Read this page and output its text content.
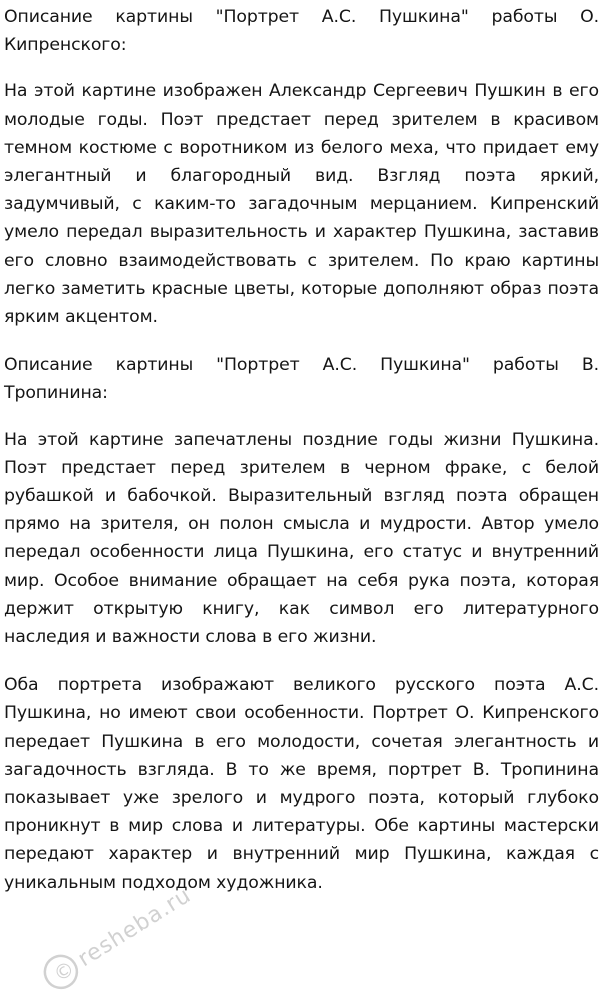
Описание картины "Портрет А.С. Пушкина" работы О. Кипренского:

На этой картине изображен Александр Сергеевич Пушкин в его молодые годы. Поэт предстает перед зрителем в красивом темном костюме с воротником из белого меха, что придает ему элегантный и благородный вид. Взгляд поэта яркий, задумчивый, с каким-то загадочным мерцанием. Кипренский умело передал выразительность и характер Пушкина, заставив его словно взаимодействовать с зрителем. По краю картины легко заметить красные цветы, которые дополняют образ поэта ярким акцентом.

Описание картины "Портрет А.С. Пушкина" работы В. Тропинина:

На этой картине запечатлены поздние годы жизни Пушкина. Поэт предстает перед зрителем в черном фраке, с белой рубашкой и бабочкой. Выразительный взгляд поэта обращен прямо на зрителя, он полон смысла и мудрости. Автор умело передал особенности лица Пушкина, его статус и внутренний мир. Особое внимание обращает на себя рука поэта, которая держит открытую книгу, как символ его литературного наследия и важности слова в его жизни.

Оба портрета изображают великого русского поэта А.С. Пушкина, но имеют свои особенности. Портрет О. Кипренского передает Пушкина в его молодости, сочетая элегантность и загадочность взгляда. В то же время, портрет В. Тропинина показывает уже зрелого и мудрого поэта, который глубоко проникнут в мир слова и литературы. Обе картины мастерски передают характер и внутренний мир Пушкина, каждая с уникальным подходом художника.

©
resheba.ru
